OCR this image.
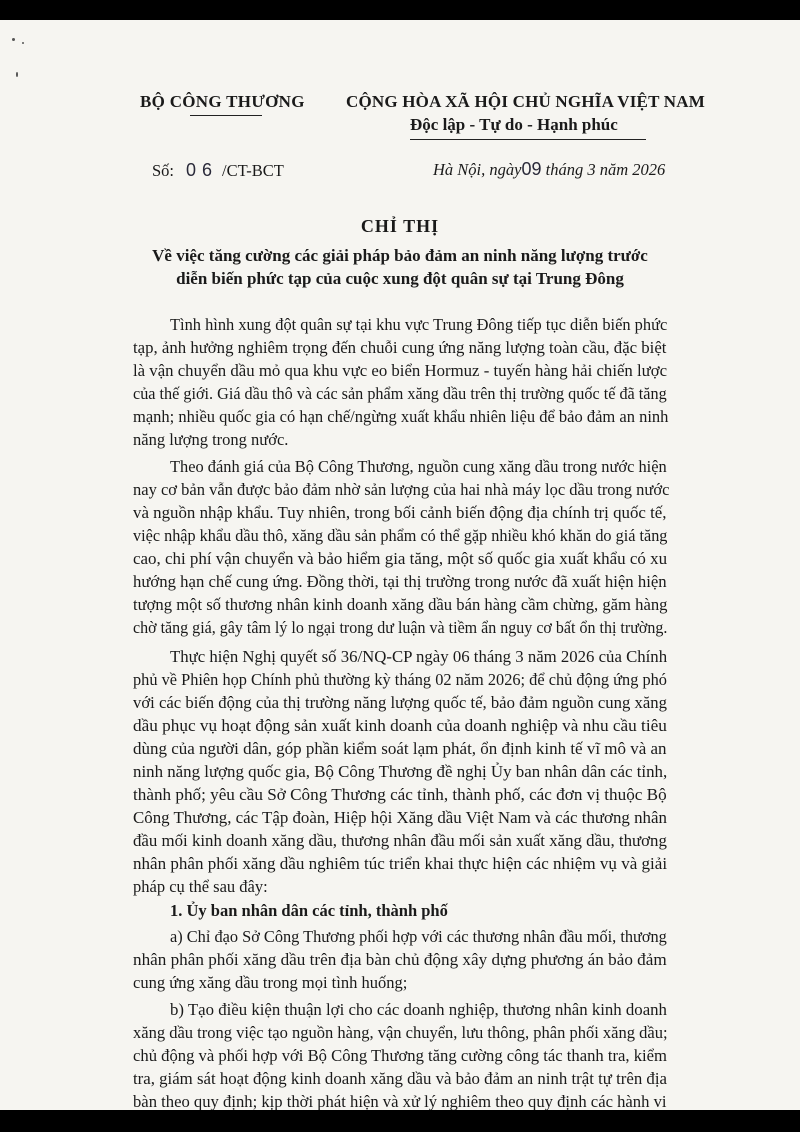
BỘ CÔNG THƯƠNG CỘNG HÒA XÃ HỘI CHỦ NGHĨA VIỆT NAM
Độc lập - Tự do - Hạnh phúc
Số: 06 /CT-BCT	Hà Nội, ngày09 tháng 3 năm 2026
CHỈ THỊ
Về việc tăng cường các giải pháp bảo đảm an ninh năng lượng trước
diễn biến phức tạp của cuộc xung đột quân sự tại Trung Đông
Tình hình xung đột quân sự tại khu vực Trung Đông tiếp tục diễn biến phức
tạp, ảnh hưởng nghiêm trọng đến chuỗi cung ứng năng lượng toàn cầu, đặc biệt
là vận chuyển dầu mỏ qua khu vực eo biển Hormuz - tuyến hàng hải chiến lược
của thế giới. Giá dầu thô và các sản phẩm xăng dầu trên thị trường quốc tế đã tăng
mạnh; nhiều quốc gia có hạn chế/ngừng xuất khẩu nhiên liệu để bảo đảm an ninh
năng lượng trong nước.
Theo đánh giá của Bộ Công Thương, nguồn cung xăng dầu trong nước hiện
nay cơ bản vẫn được bảo đảm nhờ sản lượng của hai nhà máy lọc dầu trong nước
và nguồn nhập khẩu. Tuy nhiên, trong bối cảnh biến động địa chính trị quốc tế,
việc nhập khẩu dầu thô, xăng dầu sản phẩm có thể gặp nhiều khó khăn do giá tăng
cao, chi phí vận chuyển và bảo hiểm gia tăng, một số quốc gia xuất khẩu có xu
hướng hạn chế cung ứng. Đồng thời, tại thị trường trong nước đã xuất hiện hiện
tượng một số thương nhân kinh doanh xăng dầu bán hàng cầm chừng, găm hàng
chờ tăng giá, gây tâm lý lo ngại trong dư luận và tiềm ẩn nguy cơ bất ổn thị trường.
Thực hiện Nghị quyết số 36/NQ-CP ngày 06 tháng 3 năm 2026 của Chính
phủ về Phiên họp Chính phủ thường kỳ tháng 02 năm 2026; để chủ động ứng phó
với các biến động của thị trường năng lượng quốc tế, bảo đảm nguồn cung xăng
dầu phục vụ hoạt động sản xuất kinh doanh của doanh nghiệp và nhu cầu tiêu
dùng của người dân, góp phần kiểm soát lạm phát, ổn định kinh tế vĩ mô và an
ninh năng lượng quốc gia, Bộ Công Thương đề nghị Ủy ban nhân dân các tỉnh,
thành phố; yêu cầu Sở Công Thương các tỉnh, thành phố, các đơn vị thuộc Bộ
Công Thương, các Tập đoàn, Hiệp hội Xăng dầu Việt Nam và các thương nhân
đầu mối kinh doanh xăng dầu, thương nhân đầu mối sản xuất xăng dầu, thương
nhân phân phối xăng dầu nghiêm túc triển khai thực hiện các nhiệm vụ và giải
pháp cụ thể sau đây:
1. Ủy ban nhân dân các tỉnh, thành phố
a) Chỉ đạo Sở Công Thương phối hợp với các thương nhân đầu mối, thương
nhân phân phối xăng dầu trên địa bàn chủ động xây dựng phương án bảo đảm
cung ứng xăng dầu trong mọi tình huống;
b) Tạo điều kiện thuận lợi cho các doanh nghiệp, thương nhân kinh doanh
xăng dầu trong việc tạo nguồn hàng, vận chuyển, lưu thông, phân phối xăng dầu;
chủ động và phối hợp với Bộ Công Thương tăng cường công tác thanh tra, kiểm
tra, giám sát hoạt động kinh doanh xăng dầu và bảo đảm an ninh trật tự trên địa
bàn theo quy định; kịp thời phát hiện và xử lý nghiêm theo quy định các hành vi
